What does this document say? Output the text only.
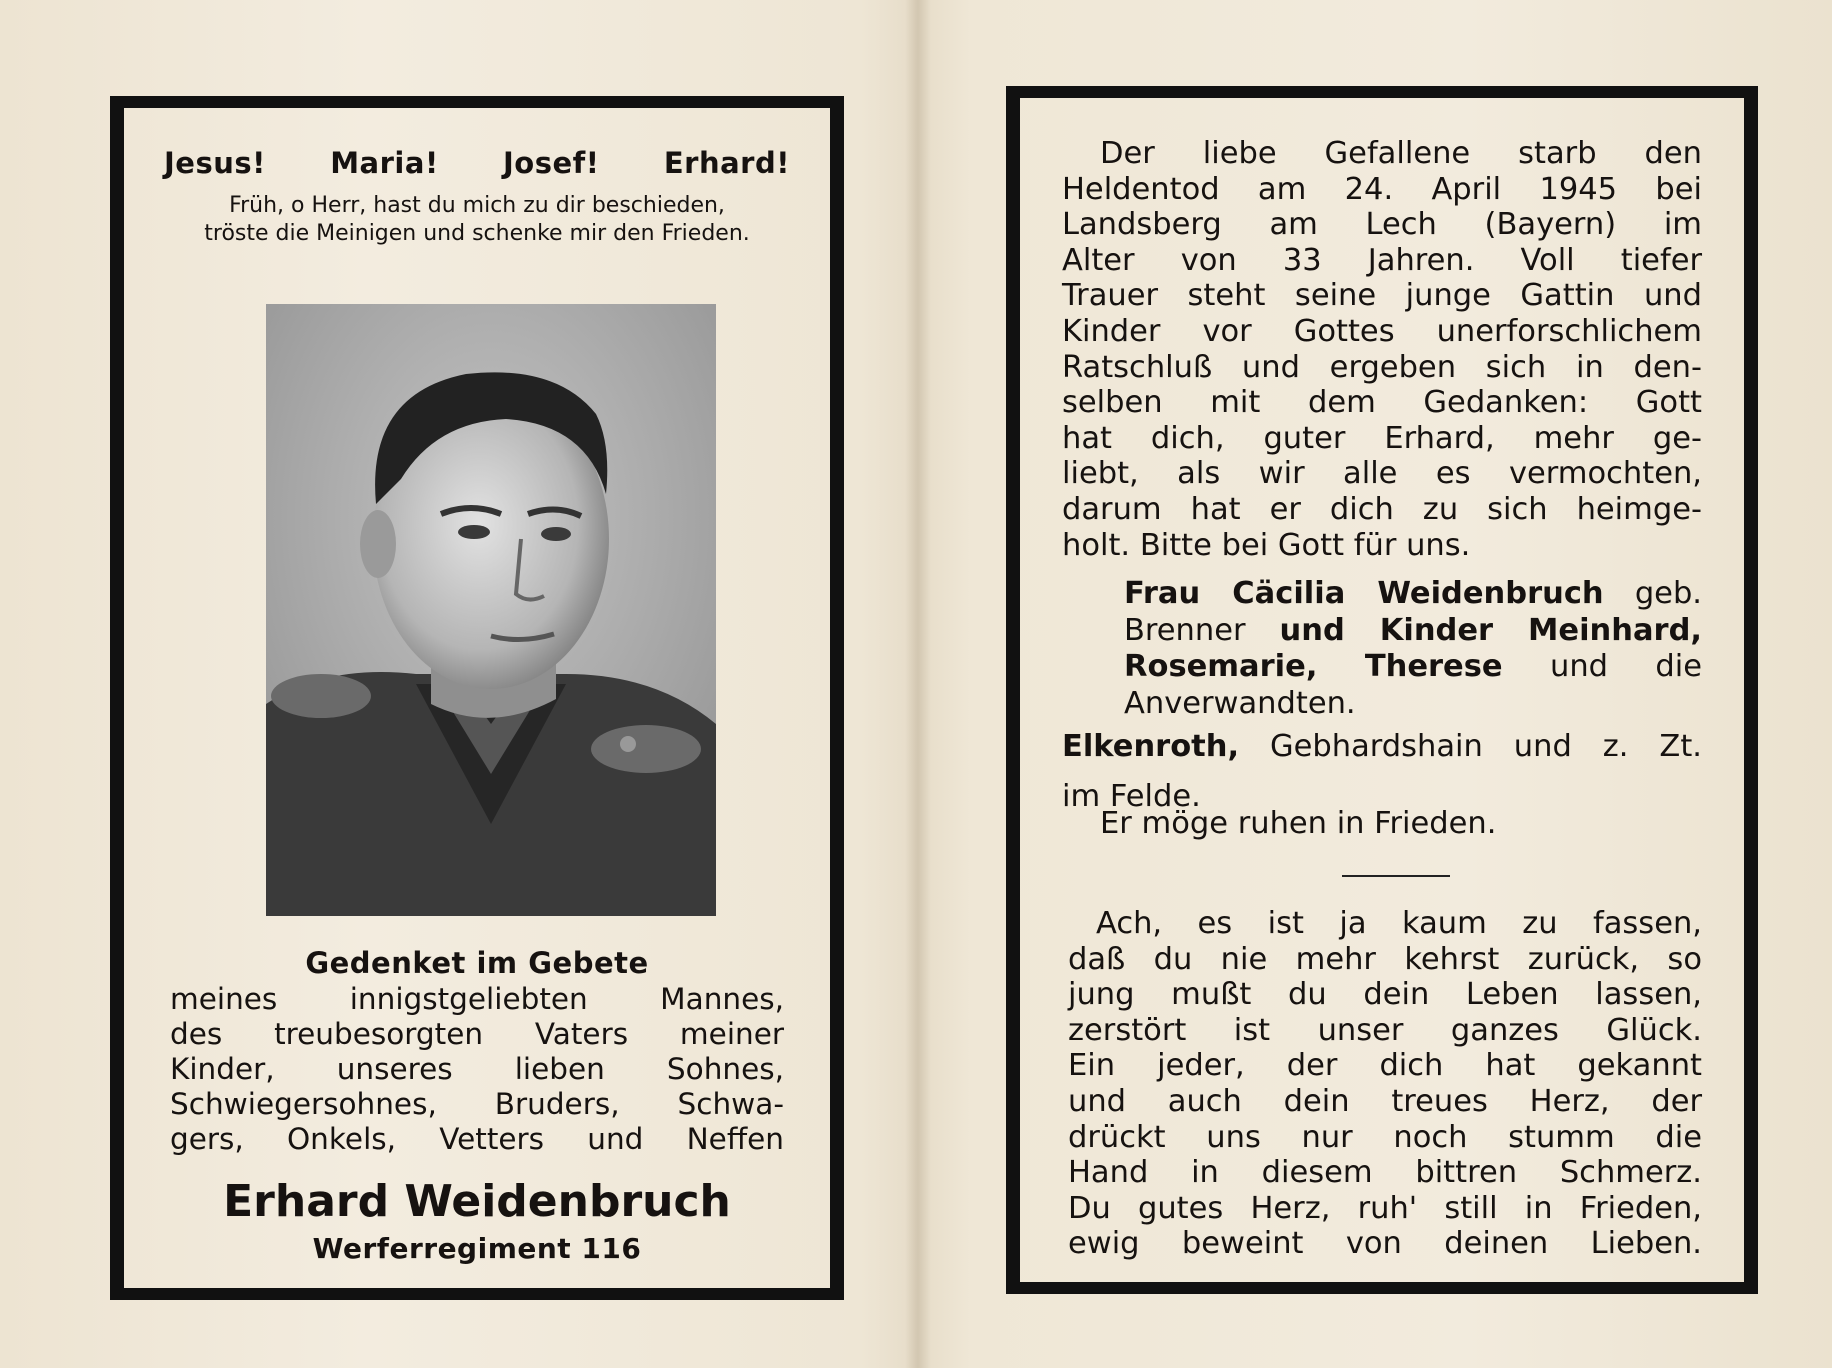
Jesus! Maria! Josef! Erhard!
Früh, o Herr, hast du mich zu dir beschieden,
tröste die Meinigen und schenke mir den Frieden.
Gedenket im Gebete
meines innigstgeliebten Mannes,
des treubesorgten Vaters meiner
Kinder, unseres lieben Sohnes,
Schwiegersohnes, Bruders, Schwa-
gers, Onkels, Vetters und Neffen
Erhard Weidenbruch
Werferregiment 116
Der liebe Gefallene starb den
Heldentod am 24. April 1945 bei
Landsberg am Lech (Bayern) im
Alter von 33 Jahren. Voll tiefer
Trauer steht seine junge Gattin und
Kinder vor Gottes unerforschlichem
Ratschluß und ergeben sich in den-
selben mit dem Gedanken: Gott
hat dich, guter Erhard, mehr ge-
liebt, als wir alle es vermochten,
darum hat er dich zu sich heimge-
holt. Bitte bei Gott für uns.
Frau Cäcilia Weidenbruch geb.
Brenner und Kinder Meinhard,
Rosemarie, Therese und die
Anverwandten.
Elkenroth, Gebhardshain und z. Zt.
im Felde.
Er möge ruhen in Frieden.
Ach, es ist ja kaum zu fassen,
daß du nie mehr kehrst zurück, so
jung mußt du dein Leben lassen,
zerstört ist unser ganzes Glück.
Ein jeder, der dich hat gekannt
und auch dein treues Herz, der
drückt uns nur noch stumm die
Hand in diesem bittren Schmerz.
Du gutes Herz, ruh' still in Frieden,
ewig beweint von deinen Lieben.
